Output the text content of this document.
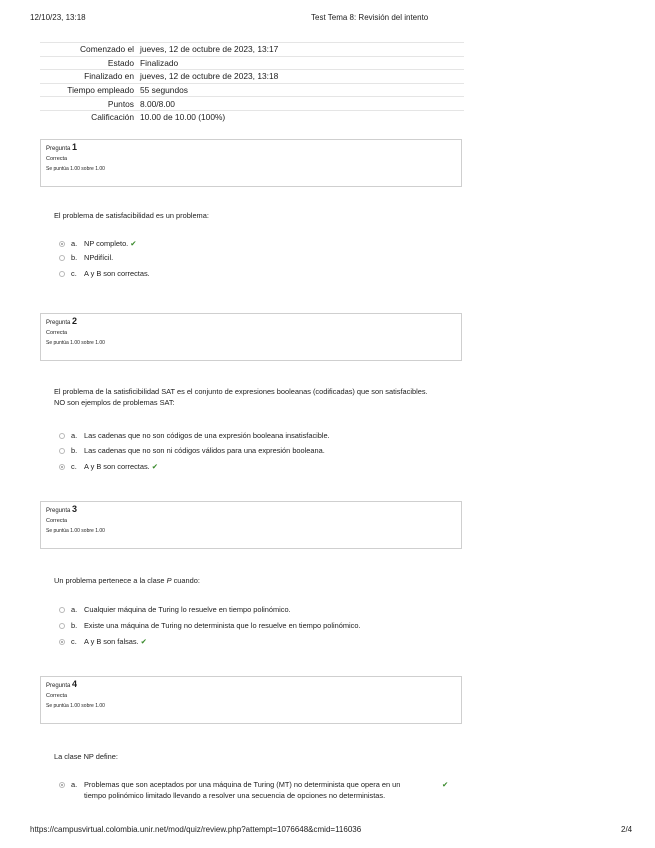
12/10/23, 13:18	Test Tema 8: Revisión del intento
Comenzado el	jueves, 12 de octubre de 2023, 13:17
Estado	Finalizado
Finalizado en	jueves, 12 de octubre de 2023, 13:18
Tiempo empleado	55 segundos
Puntos	8.00/8.00
Calificación	10.00 de 10.00 (100%)
Pregunta 1
Correcta
Se puntúa 1.00 sobre 1.00
El problema de satisfacibilidad es un problema:
a. NP completo. ✔
b. NPdifícil.
c. A y B son correctas.
Pregunta 2
Correcta
Se puntúa 1.00 sobre 1.00
El problema de la satisficibilidad SAT es el conjunto de expresiones booleanas (codificadas) que son satisfacibles. NO son ejemplos de problemas SAT:
a. Las cadenas que no son códigos de una expresión booleana insatisfacible.
b. Las cadenas que no son ni códigos válidos para una expresión booleana.
c. A y B son correctas. ✔
Pregunta 3
Correcta
Se puntúa 1.00 sobre 1.00
Un problema pertenece a la clase P cuando:
a. Cualquier máquina de Turing lo resuelve en tiempo polinómico.
b. Existe una máquina de Turing no determinista que lo resuelve en tiempo polinómico.
c. A y B son falsas. ✔
Pregunta 4
Correcta
Se puntúa 1.00 sobre 1.00
La clase NP define:
a. Problemas que son aceptados por una máquina de Turing (MT) no determinista que opera en un tiempo polinómico limitado llevando a resolver una secuencia de opciones no deterministas.
✔
https://campusvirtual.colombia.unir.net/mod/quiz/review.php?attempt=1076648&cmid=116036	2/4
